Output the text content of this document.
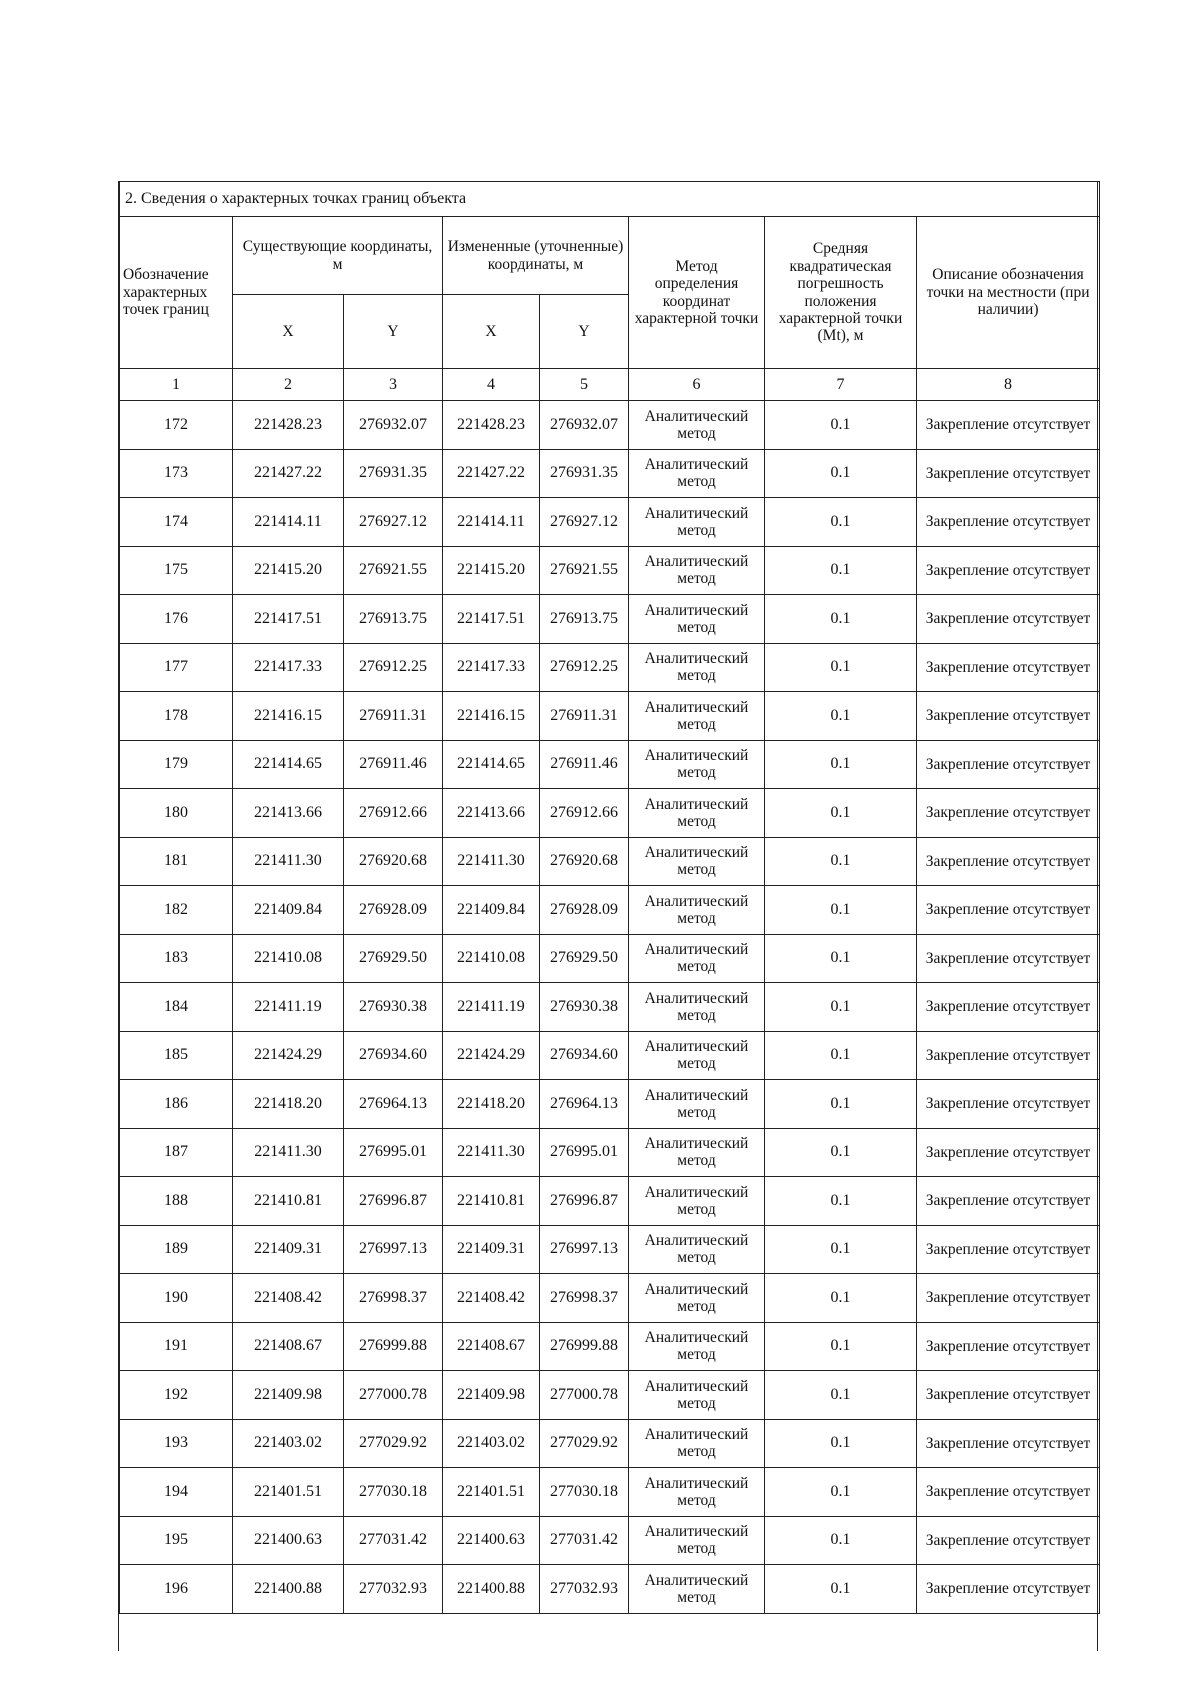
2. Сведения о характерных точках границ объекта							
Обозначение характерных точек границ	Существующие координаты, м		Измененные (уточненные) координаты, м		Метод определения координат характерной точки	Средняя квадратическая погрешность положения характерной точки (Mt), м	Описание обозначения точки на местности (при наличии)
	X	Y	X	Y			
1	2	3	4	5	6	7	8
172	221428.23	276932.07	221428.23	276932.07	Аналитический метод	0.1	Закрепление отсутствует
173	221427.22	276931.35	221427.22	276931.35	Аналитический метод	0.1	Закрепление отсутствует
174	221414.11	276927.12	221414.11	276927.12	Аналитический метод	0.1	Закрепление отсутствует
175	221415.20	276921.55	221415.20	276921.55	Аналитический метод	0.1	Закрепление отсутствует
176	221417.51	276913.75	221417.51	276913.75	Аналитический метод	0.1	Закрепление отсутствует
177	221417.33	276912.25	221417.33	276912.25	Аналитический метод	0.1	Закрепление отсутствует
178	221416.15	276911.31	221416.15	276911.31	Аналитический метод	0.1	Закрепление отсутствует
179	221414.65	276911.46	221414.65	276911.46	Аналитический метод	0.1	Закрепление отсутствует
180	221413.66	276912.66	221413.66	276912.66	Аналитический метод	0.1	Закрепление отсутствует
181	221411.30	276920.68	221411.30	276920.68	Аналитический метод	0.1	Закрепление отсутствует
182	221409.84	276928.09	221409.84	276928.09	Аналитический метод	0.1	Закрепление отсутствует
183	221410.08	276929.50	221410.08	276929.50	Аналитический метод	0.1	Закрепление отсутствует
184	221411.19	276930.38	221411.19	276930.38	Аналитический метод	0.1	Закрепление отсутствует
185	221424.29	276934.60	221424.29	276934.60	Аналитический метод	0.1	Закрепление отсутствует
186	221418.20	276964.13	221418.20	276964.13	Аналитический метод	0.1	Закрепление отсутствует
187	221411.30	276995.01	221411.30	276995.01	Аналитический метод	0.1	Закрепление отсутствует
188	221410.81	276996.87	221410.81	276996.87	Аналитический метод	0.1	Закрепление отсутствует
189	221409.31	276997.13	221409.31	276997.13	Аналитический метод	0.1	Закрепление отсутствует
190	221408.42	276998.37	221408.42	276998.37	Аналитический метод	0.1	Закрепление отсутствует
191	221408.67	276999.88	221408.67	276999.88	Аналитический метод	0.1	Закрепление отсутствует
192	221409.98	277000.78	221409.98	277000.78	Аналитический метод	0.1	Закрепление отсутствует
193	221403.02	277029.92	221403.02	277029.92	Аналитический метод	0.1	Закрепление отсутствует
194	221401.51	277030.18	221401.51	277030.18	Аналитический метод	0.1	Закрепление отсутствует
195	221400.63	277031.42	221400.63	277031.42	Аналитический метод	0.1	Закрепление отсутствует
196	221400.88	277032.93	221400.88	277032.93	Аналитический метод	0.1	Закрепление отсутствует
